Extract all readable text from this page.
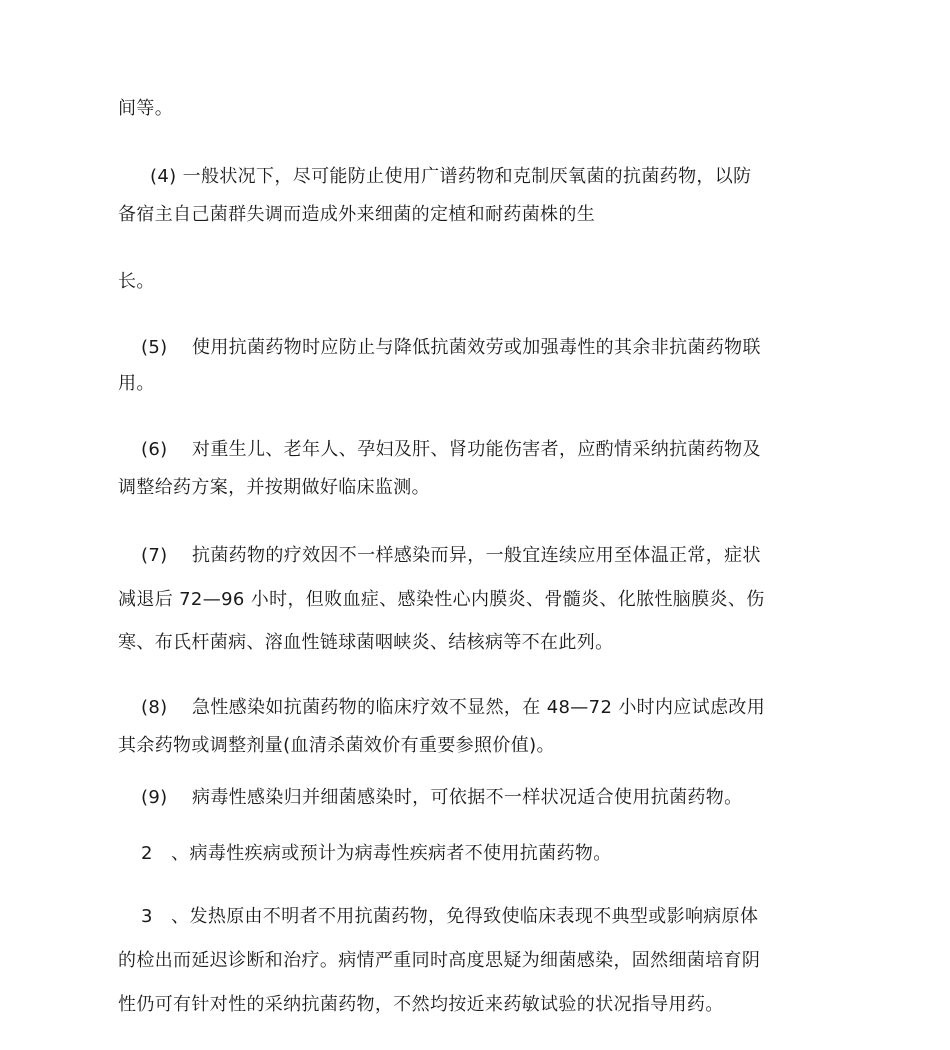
间等。
(4) 一般状况下，尽可能防止使用广谱药物和克制厌氧菌的抗菌药物，以防
备宿主自己菌群失调而造成外来细菌的定植和耐药菌株的生
长。
(5)　 使用抗菌药物时应防止与降低抗菌效劳或加强毒性的其余非抗菌药物联
用。
(6)　 对重生儿、老年人、孕妇及肝、肾功能伤害者，应酌情采纳抗菌药物及
调整给药方案，并按期做好临床监测。
(7)　 抗菌药物的疗效因不一样感染而异，一般宜连续应用至体温正常，症状
减退后 72—96 小时，但败血症、感染性心内膜炎、骨髓炎、化脓性脑膜炎、伤
寒、布氏杆菌病、溶血性链球菌咽峡炎、结核病等不在此列。
(8)　 急性感染如抗菌药物的临床疗效不显然，在 48—72 小时内应试虑改用
其余药物或调整剂量(血清杀菌效价有重要参照价值)。
(9)　 病毒性感染归并细菌感染时，可依据不一样状况适合使用抗菌药物。
2　、病毒性疾病或预计为病毒性疾病者不使用抗菌药物。
3　、发热原由不明者不用抗菌药物，免得致使临床表现不典型或影响病原体
的检出而延迟诊断和治疗。病情严重同时高度思疑为细菌感染，固然细菌培育阴
性仍可有针对性的采纳抗菌药物，不然均按近来药敏试验的状况指导用药。
